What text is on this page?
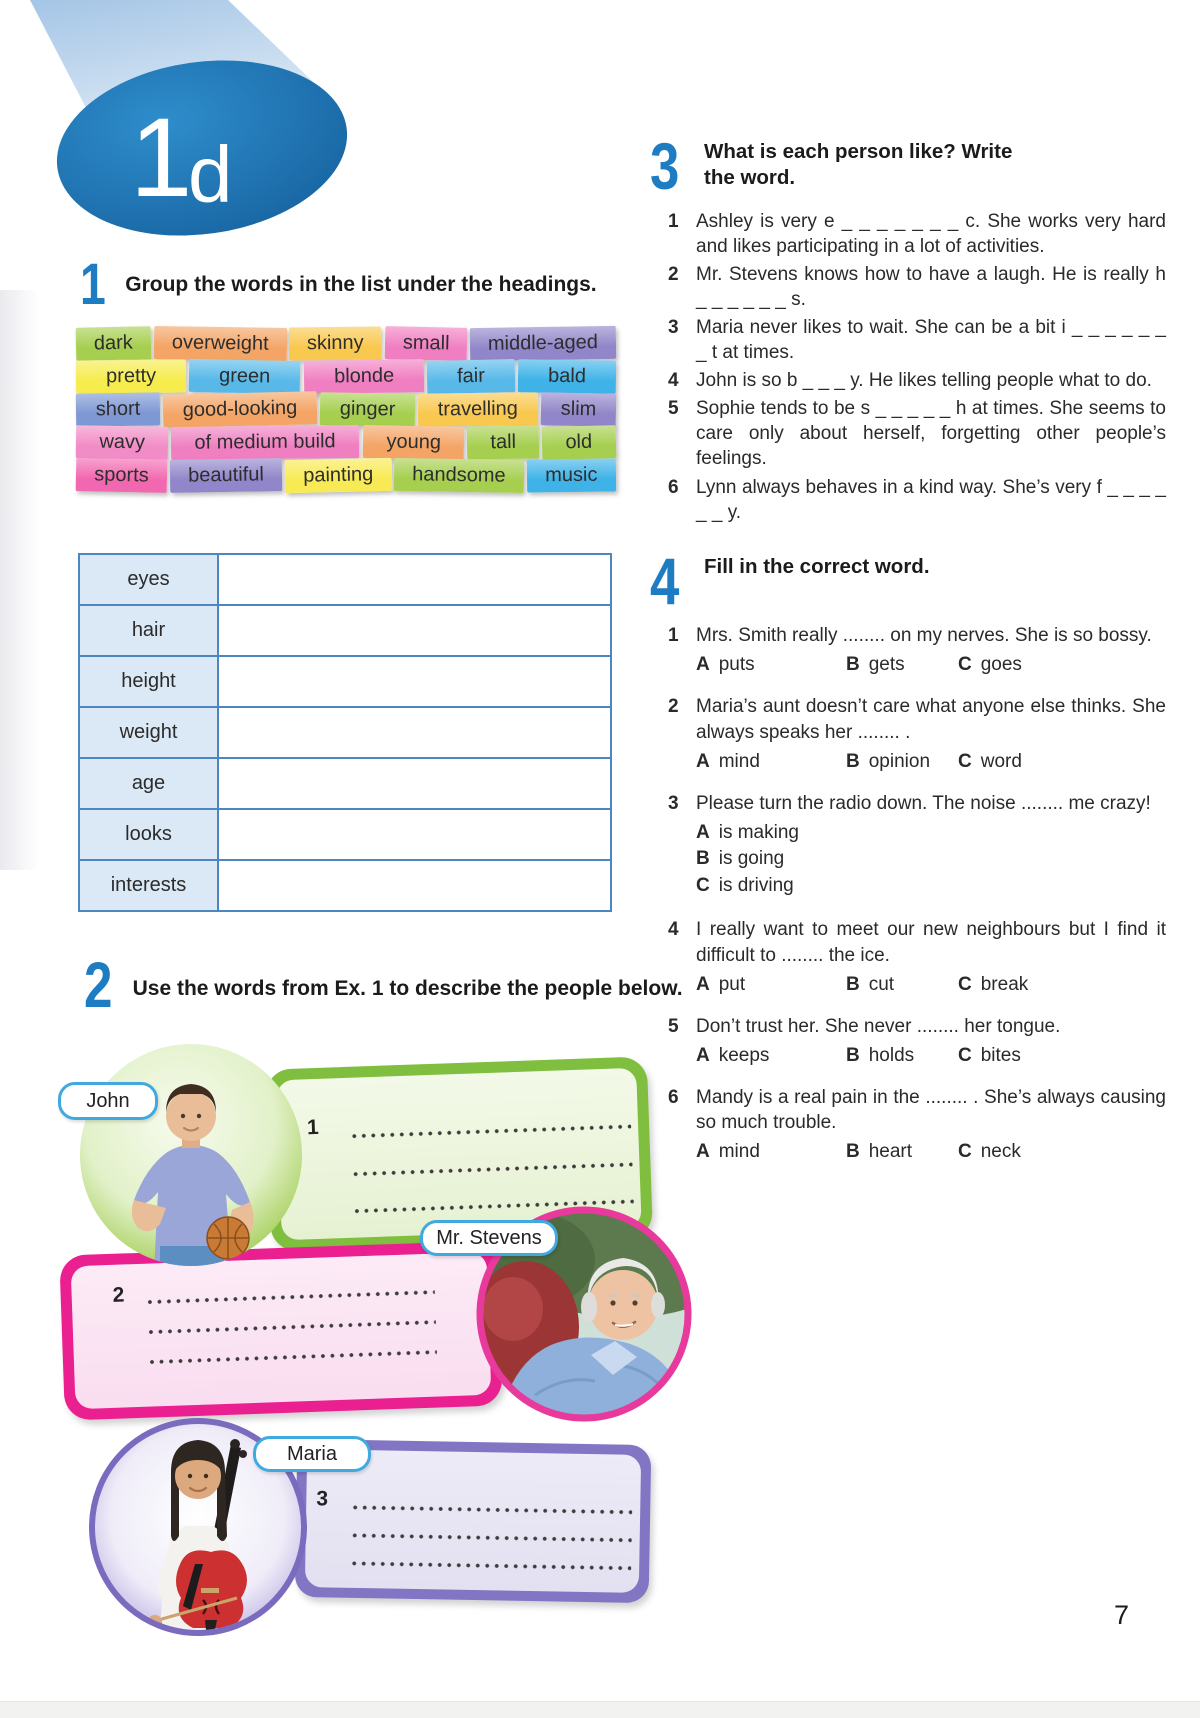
1
d
1 Group the words in the list under the headings.
dark	overweight	skinny	small	middle-aged
pretty	green	blonde	fair	bald
short	good-looking	ginger	travelling	slim
wavy	of medium build	young	tall	old
sports	beautiful	painting	handsome	music
eyes
hair
height
weight
age
looks
interests
2 Use the words from Ex. 1 to describe the people below.
1
John
2
Mr. Stevens
3
Maria
3 What is each person like? Write the word.
1 Ashley is very e _ _ _ _ _ _ _ c. She works very hard and likes participating in a lot of activities.

2 Mr. Stevens knows how to have a laugh. He is really h _ _ _ _ _ _ s.

3 Maria never likes to wait. She can be a bit i _ _ _ _ _ _ _ t at times.

4 John is so b _ _ _ y. He likes telling people what to do.

5 Sophie tends to be s _ _ _ _ _ h at times. She seems to care only about herself, forgetting other people’s feelings.

6 Lynn always behaves in a kind way. She’s very f _ _ _ _ _ _ y.

4 Fill in the correct word.
1 Mrs. Smith really ........ on my nerves. She is so bossy.

A puts	B gets	C goes
2 Maria’s aunt doesn’t care what anyone else thinks. She always speaks her ........ .

A mind	B opinion	C word
3 Please turn the radio down. The noise ........ me crazy!

A is making
B is going
C is driving
4 I really want to meet our new neighbours but I find it difficult to ........ the ice.

A put	B cut	C break
5 Don’t trust her. She never ........ her tongue.

A keeps	B holds	C bites
6 Mandy is a real pain in the ........ . She’s always causing so much trouble.

A mind	B heart	C neck
7
